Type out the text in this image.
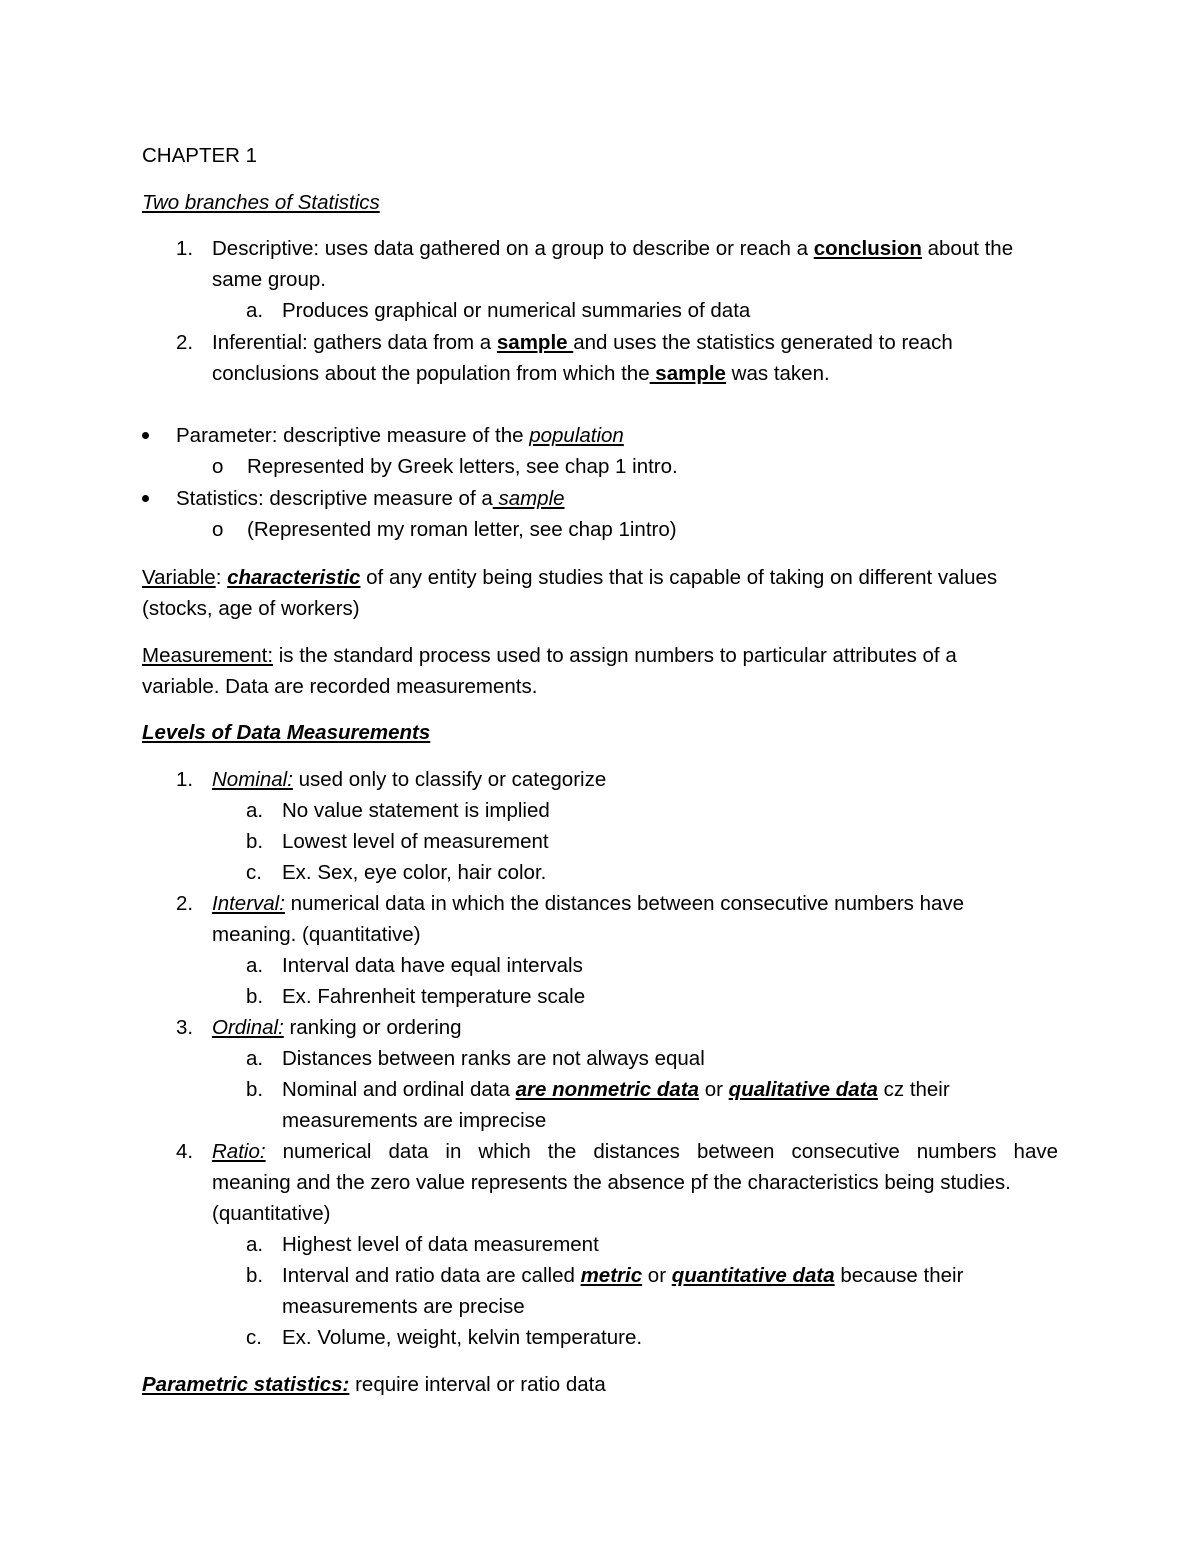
CHAPTER 1
Two branches of Statistics
1. Descriptive: uses data gathered on a group to describe or reach a conclusion about the
same group.
a. Produces graphical or numerical summaries of data
2. Inferential: gathers data from a sample and uses the statistics generated to reach
conclusions about the population from which the sample was taken.
Parameter: descriptive measure of the population
o Represented by Greek letters, see chap 1 intro.
Statistics: descriptive measure of a sample
o (Represented my roman letter, see chap 1intro)
Variable: characteristic of any entity being studies that is capable of taking on different values
(stocks, age of workers)
Measurement: is the standard process used to assign numbers to particular attributes of a
variable. Data are recorded measurements.
Levels of Data Measurements
1. Nominal: used only to classify or categorize
a. No value statement is implied
b. Lowest level of measurement
c. Ex. Sex, eye color, hair color.
2. Interval: numerical data in which the distances between consecutive numbers have
meaning. (quantitative)
a. Interval data have equal intervals
b. Ex. Fahrenheit temperature scale
3. Ordinal: ranking or ordering
a. Distances between ranks are not always equal
b. Nominal and ordinal data are nonmetric data or qualitative data cz their
measurements are imprecise
4. Ratio: numerical data in which the distances between consecutive numbers have
meaning and the zero value represents the absence pf the characteristics being studies.
(quantitative)
a. Highest level of data measurement
b. Interval and ratio data are called metric or quantitative data because their
measurements are precise
c. Ex. Volume, weight, kelvin temperature.
Parametric statistics: require interval or ratio data
